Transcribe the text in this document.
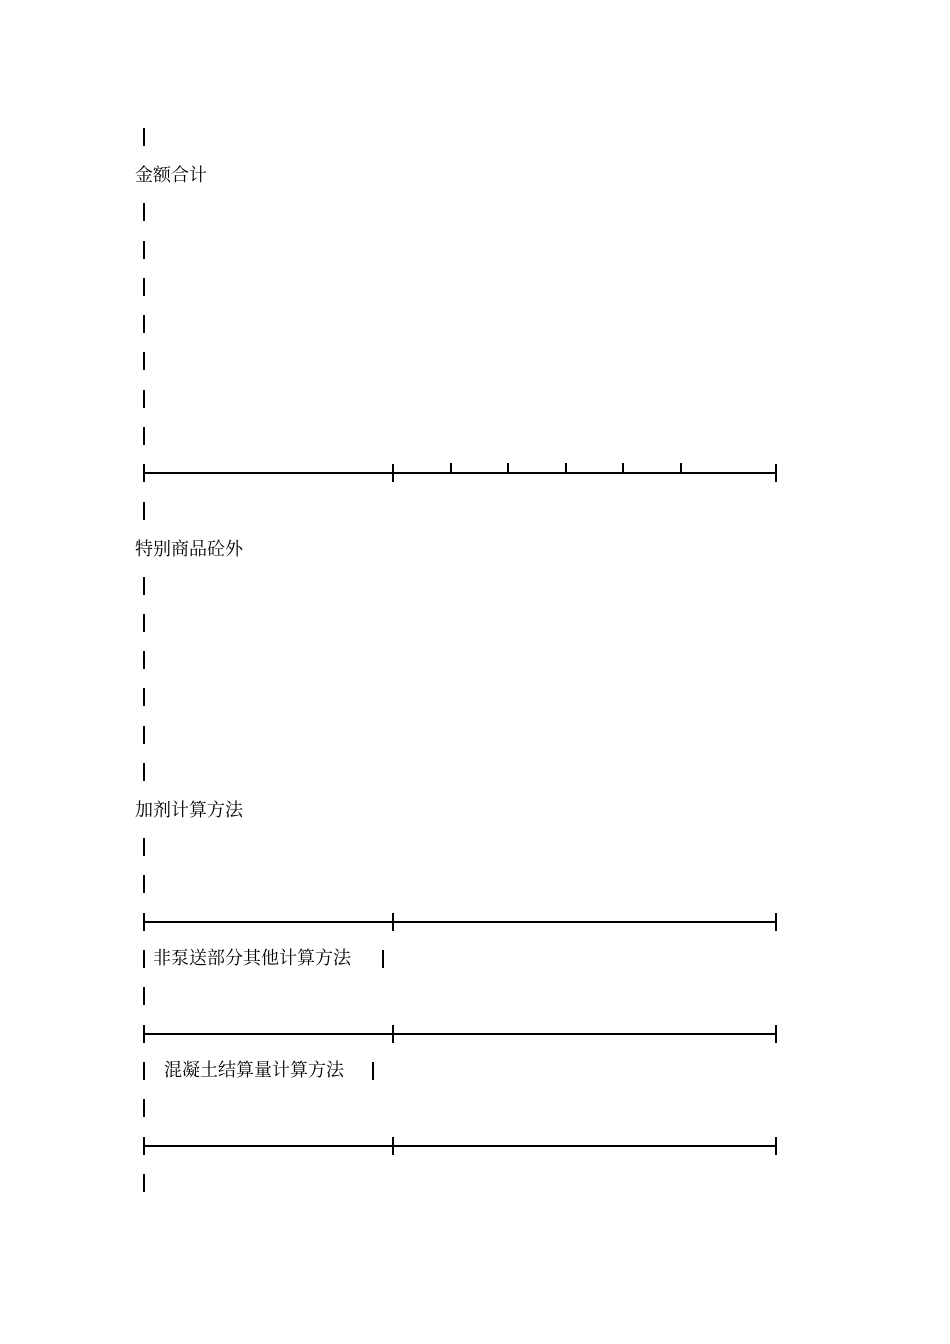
金额合计
特别商品砼外
加剂计算方法
非泵送部分其他计算方法
混凝土结算量计算方法
